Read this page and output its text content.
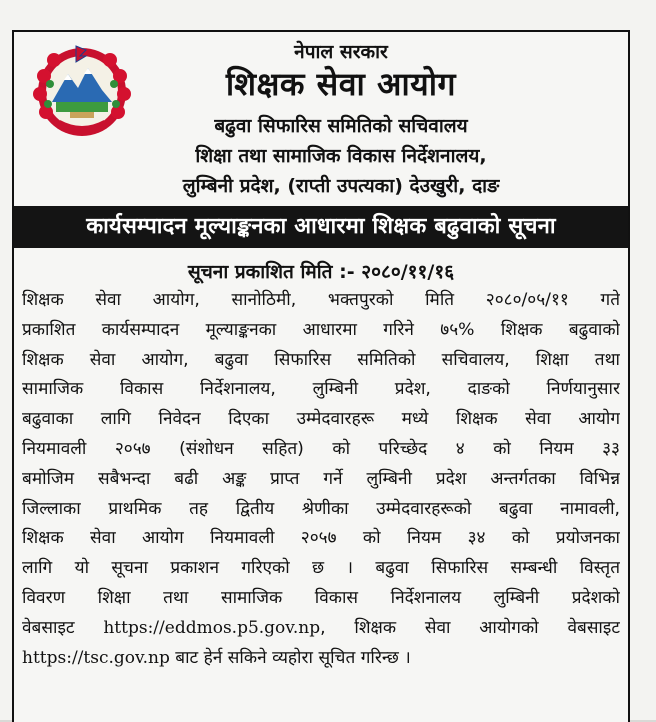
नेपाल सरकार
शिक्षक सेवा आयोग
बढुवा सिफारिस समितिको सचिवालय
शिक्षा तथा सामाजिक विकास निर्देशनालय,
लुम्बिनी प्रदेश, (राप्ती उपत्यका) देउखुरी, दाङ
कार्यसम्पादन मूल्याङ्कनका आधारमा शिक्षक बढुवाको सूचना
सूचना प्रकाशित मिति :- २०८०/११/१६
शिक्षक सेवा आयोग, सानोठिमी, भक्तपुरको मिति २०८०/०५/११ गते
प्रकाशित कार्यसम्पादन मूल्याङ्कनका आधारमा गरिने ७५% शिक्षक बढुवाको
शिक्षक सेवा आयोग, बढुवा सिफारिस समितिको सचिवालय, शिक्षा तथा
सामाजिक विकास निर्देशनालय, लुम्बिनी प्रदेश, दाङको निर्णयानुसार
बढुवाका लागि निवेदन दिएका उम्मेदवारहरू मध्ये शिक्षक सेवा आयोग
नियमावली २०५७ (संशोधन सहित) को परिच्छेद ४ को नियम ३३
बमोजिम सबैभन्दा बढी अङ्क प्राप्त गर्ने लुम्बिनी प्रदेश अन्तर्गतका विभिन्न
जिल्लाका प्राथमिक तह द्वितीय श्रेणीका उम्मेदवारहरूको बढुवा नामावली,
शिक्षक सेवा आयोग नियमावली २०५७ को नियम ३४ को प्रयोजनका
लागि यो सूचना प्रकाशन गरिएको छ । बढुवा सिफारिस सम्बन्धी विस्तृत
विवरण शिक्षा तथा सामाजिक विकास निर्देशनालय लुम्बिनी प्रदेशको
वेबसाइट https://eddmos.p5.gov.np, शिक्षक सेवा आयोगको वेबसाइट
https://tsc.gov.np बाट हेर्न सकिने व्यहोरा सूचित गरिन्छ ।
